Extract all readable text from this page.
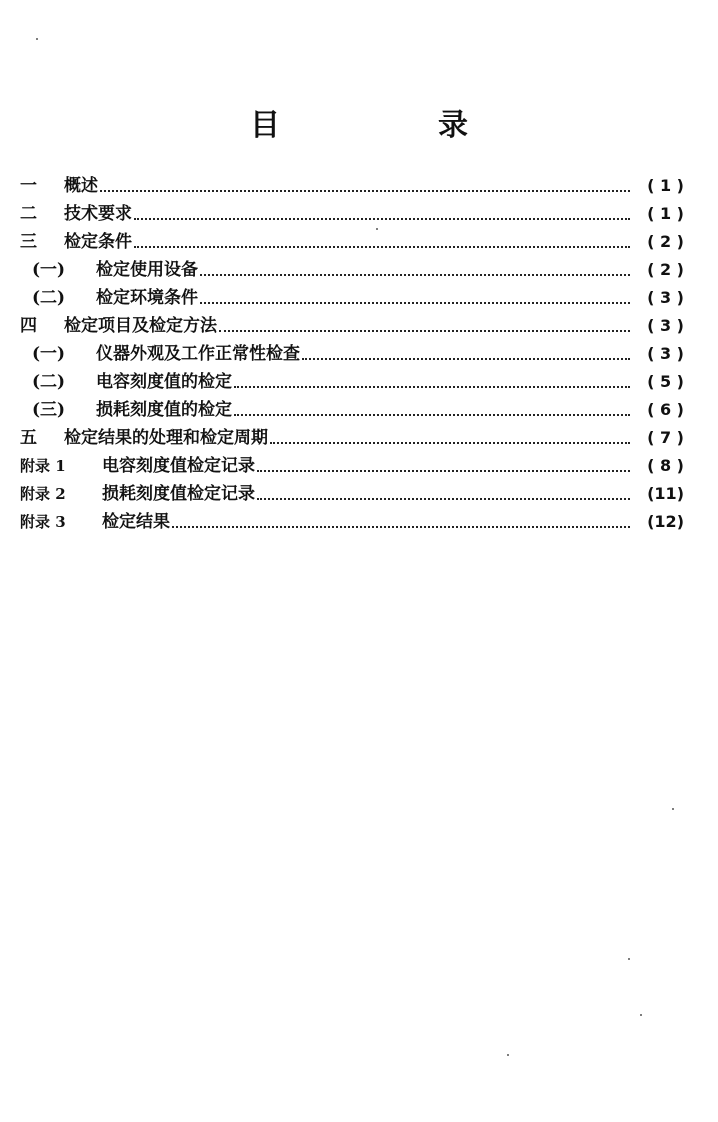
目　录
一	概述	( 1 )
二	技术要求	( 1 )
三	检定条件	( 2 )
(一)	检定使用设备	( 2 )
(二)	检定环境条件	( 3 )
四	检定项目及检定方法	( 3 )
(一)	仪器外观及工作正常性检查	( 3 )
(二)	电容刻度值的检定	( 5 )
(三)	损耗刻度值的检定	( 6 )
五	检定结果的处理和检定周期	( 7 )
附录 1	电容刻度值检定记录	( 8 )
附录 2	损耗刻度值检定记录	(11)
附录 3	检定结果	(12)
